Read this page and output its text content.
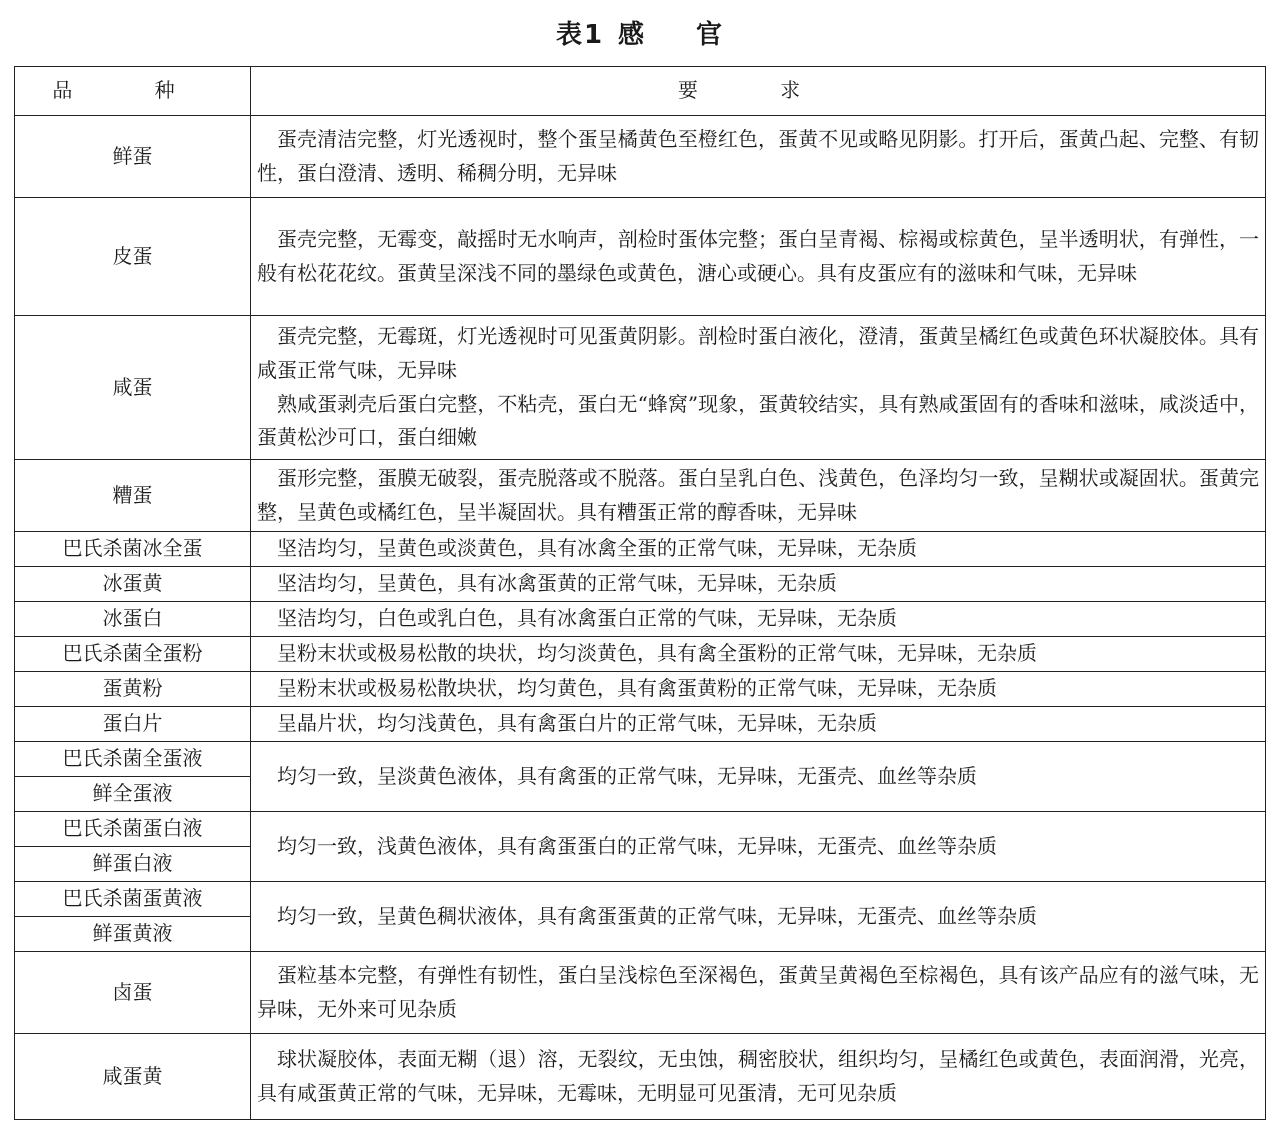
表1 感 官
品 种	要 求
鲜蛋	蛋壳清洁完整，灯光透视时，整个蛋呈橘黄色至橙红色，蛋黄不见或略见阴影。打开后，蛋黄凸起、完整、有韧性，蛋白澄清、透明、稀稠分明，无异味

皮蛋	蛋壳完整，无霉变，敲摇时无水响声，剖检时蛋体完整；蛋白呈青褐、棕褐或棕黄色，呈半透明状，有弹性，一般有松花花纹。蛋黄呈深浅不同的墨绿色或黄色，溏心或硬心。具有皮蛋应有的滋味和气味，无异味

咸蛋	蛋壳完整，无霉斑，灯光透视时可见蛋黄阴影。剖检时蛋白液化，澄清，蛋黄呈橘红色或黄色环状凝胶体。具有咸蛋正常气味，无异味

熟咸蛋剥壳后蛋白完整，不粘壳，蛋白无“蜂窝”现象，蛋黄较结实，具有熟咸蛋固有的香味和滋味，咸淡适中，蛋黄松沙可口，蛋白细嫩

糟蛋	蛋形完整，蛋膜无破裂，蛋壳脱落或不脱落。蛋白呈乳白色、浅黄色，色泽均匀一致，呈糊状或凝固状。蛋黄完整，呈黄色或橘红色，呈半凝固状。具有糟蛋正常的醇香味，无异味

巴氏杀菌冰全蛋	坚洁均匀，呈黄色或淡黄色，具有冰禽全蛋的正常气味，无异味，无杂质

冰蛋黄	坚洁均匀，呈黄色，具有冰禽蛋黄的正常气味，无异味，无杂质

冰蛋白	坚洁均匀，白色或乳白色，具有冰禽蛋白正常的气味，无异味，无杂质

巴氏杀菌全蛋粉	呈粉末状或极易松散的块状，均匀淡黄色，具有禽全蛋粉的正常气味，无异味，无杂质

蛋黄粉	呈粉末状或极易松散块状，均匀黄色，具有禽蛋黄粉的正常气味，无异味，无杂质

蛋白片	呈晶片状，均匀浅黄色，具有禽蛋白片的正常气味，无异味，无杂质

巴氏杀菌全蛋液	均匀一致，呈淡黄色液体，具有禽蛋的正常气味，无异味，无蛋壳、血丝等杂质

鲜全蛋液	
巴氏杀菌蛋白液	均匀一致，浅黄色液体，具有禽蛋蛋白的正常气味，无异味，无蛋壳、血丝等杂质

鲜蛋白液	
巴氏杀菌蛋黄液	均匀一致，呈黄色稠状液体，具有禽蛋蛋黄的正常气味，无异味，无蛋壳、血丝等杂质

鲜蛋黄液	
卤蛋	蛋粒基本完整，有弹性有韧性，蛋白呈浅棕色至深褐色，蛋黄呈黄褐色至棕褐色，具有该产品应有的滋气味，无异味，无外来可见杂质

咸蛋黄	球状凝胶体，表面无糊（退）溶，无裂纹，无虫蚀，稠密胶状，组织均匀，呈橘红色或黄色，表面润滑，光亮，具有咸蛋黄正常的气味，无异味，无霉味，无明显可见蛋清，无可见杂质
